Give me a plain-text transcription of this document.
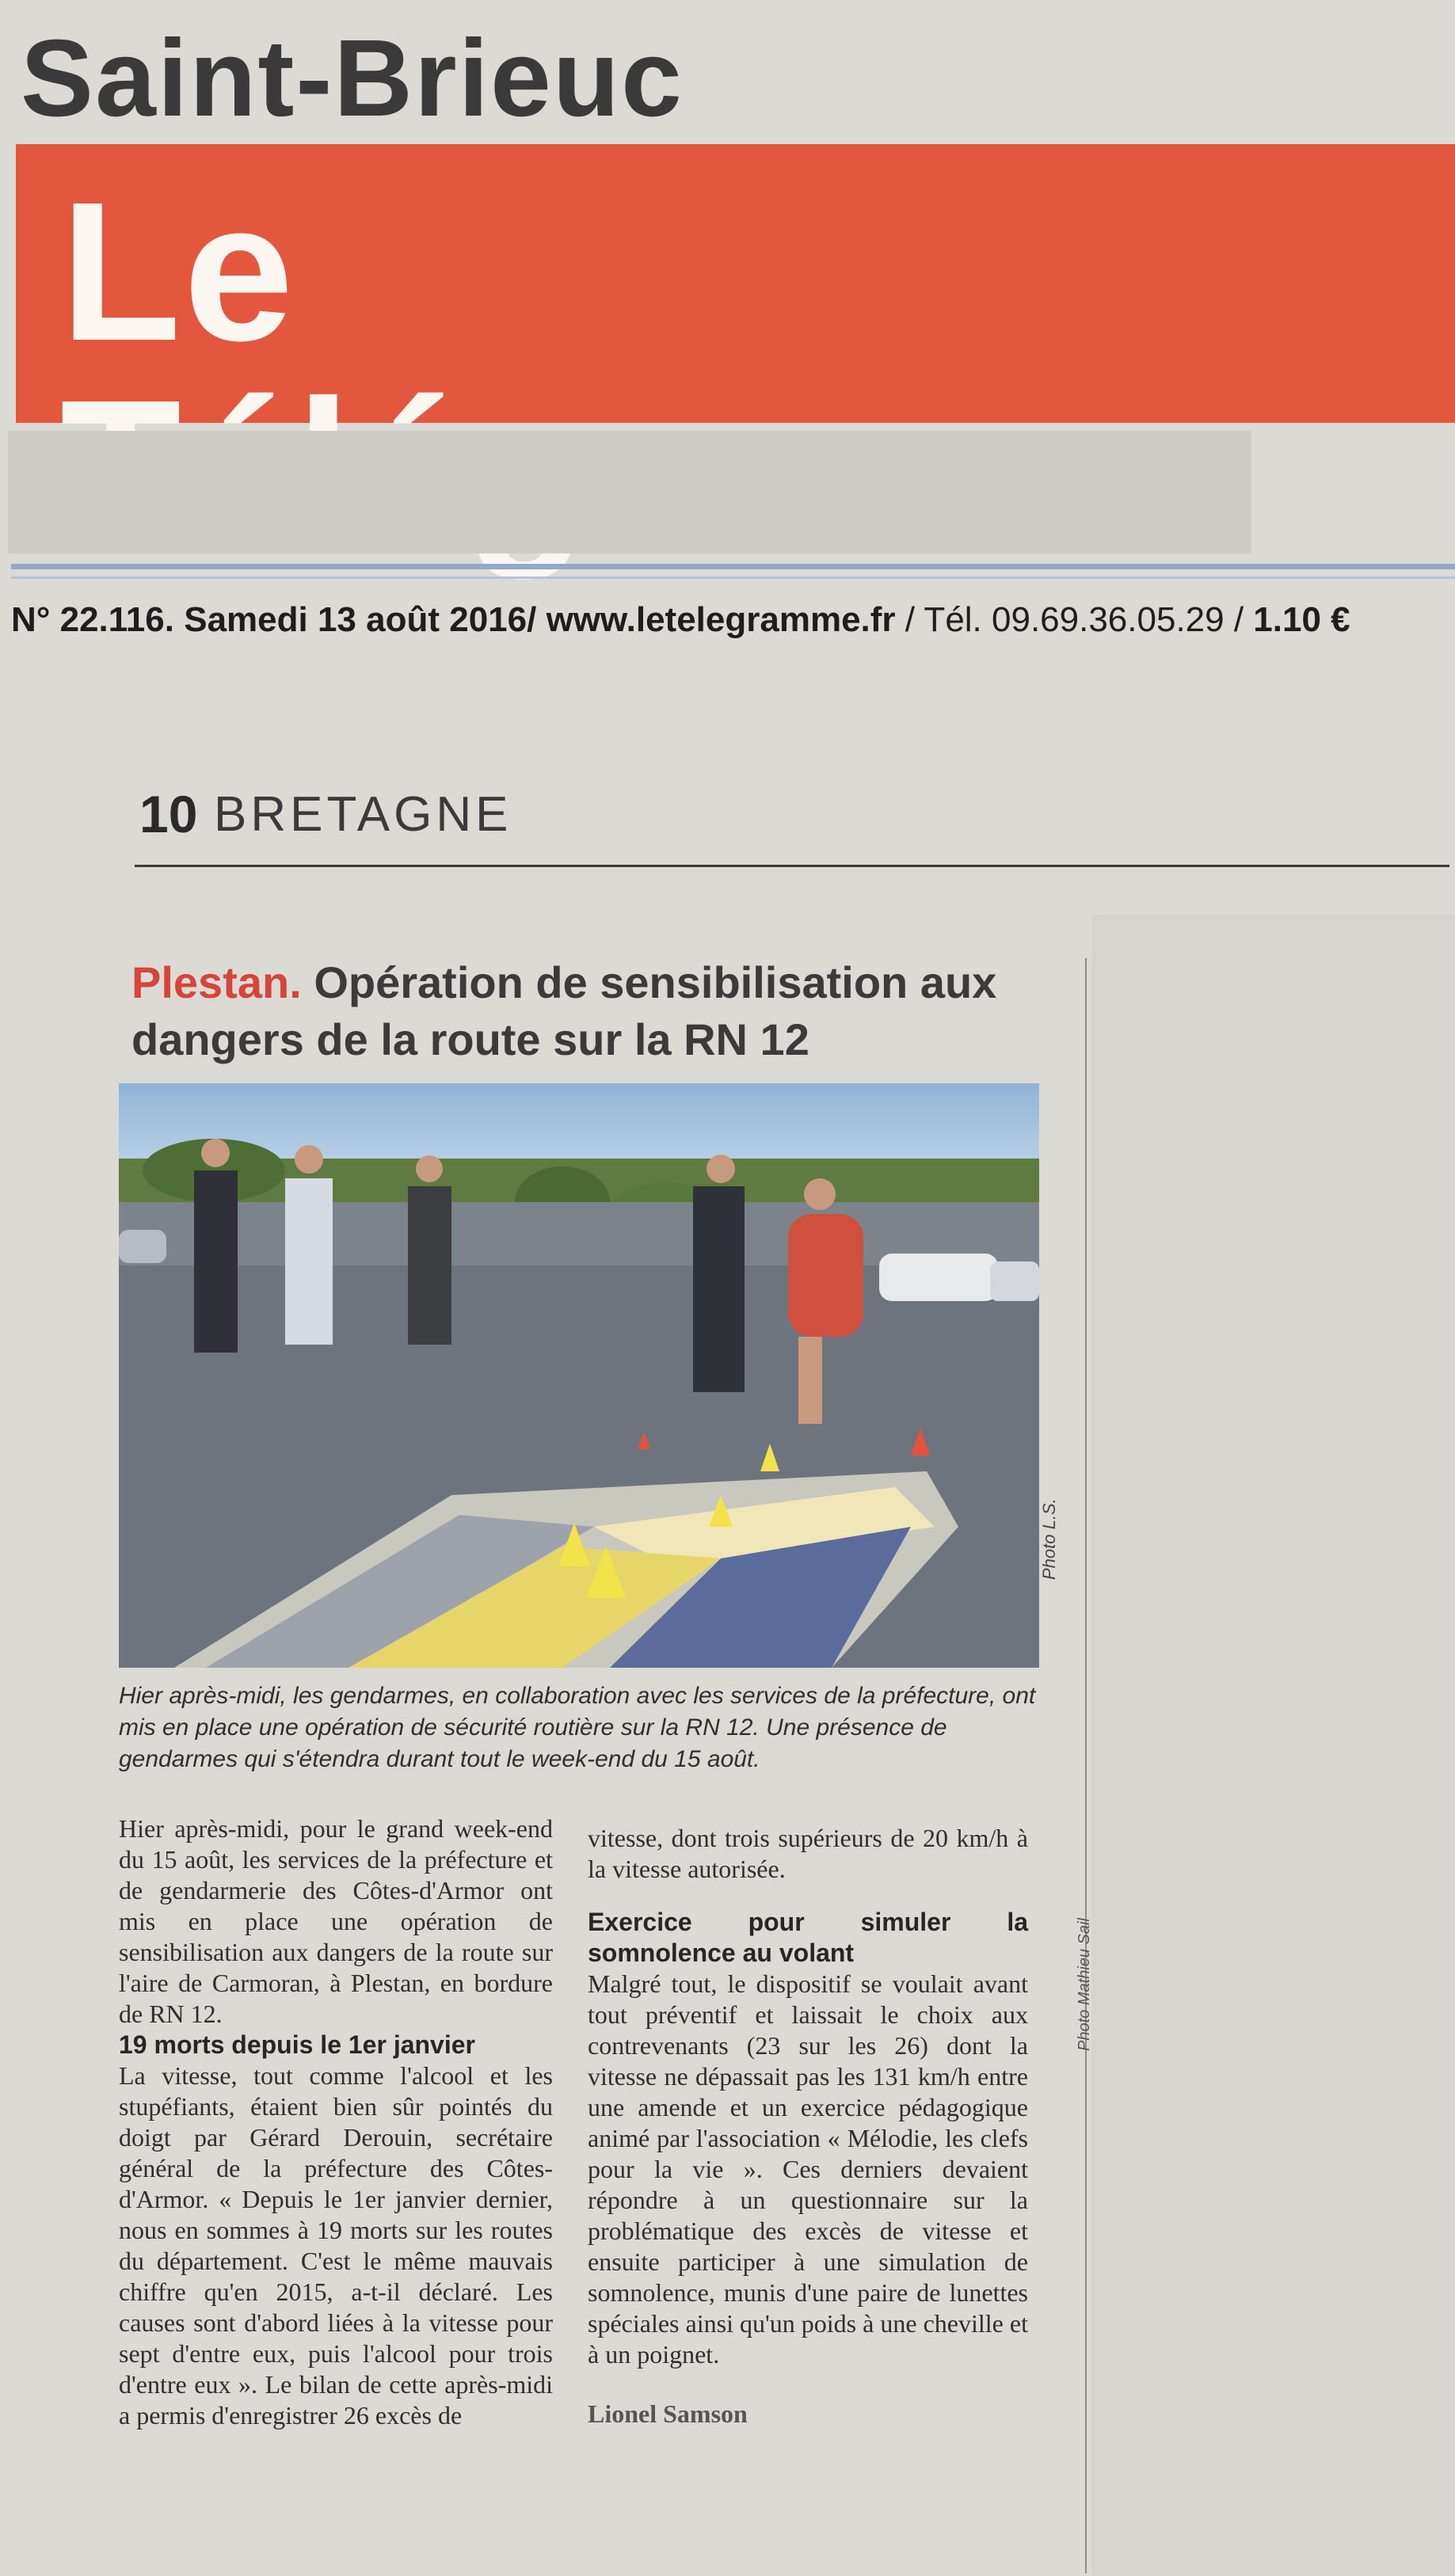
Saint-Brieuc
Le
N° 22.116. Samedi 13 août 2016/ www.letelegramme.fr / Tél. 09.69.36.05.29 / 1.10 €
10 BRETAGNE
Plestan. Opération de sensibilisation aux dangers de la route sur la RN 12
Photo L.S.
Hier après-midi, les gendarmes, en collaboration avec les services de la préfecture, ont mis en place une opération de sécurité routière sur la RN 12. Une présence de gendarmes qui s'étendra durant tout le week-end du 15 août.

Hier après-midi, pour le grand week-end du 15 août, les services de la préfecture et de gendarmerie des Côtes-d'Armor ont mis en place une opération de sensibilisation aux dangers de la route sur l'aire de Carmoran, à Plestan, en bordure de RN 12.

19 morts depuis le 1er janvier

La vitesse, tout comme l'alcool et les stupéfiants, étaient bien sûr pointés du doigt par Gérard Derouin, secrétaire général de la préfecture des Côtes-d'Armor. « Depuis le 1er janvier dernier, nous en sommes à 19 morts sur les routes du département. C'est le même mauvais chiffre qu'en 2015, a-t-il déclaré. Les causes sont d'abord liées à la vitesse pour sept d'entre eux, puis l'alcool pour trois d'entre eux ». Le bilan de cette après-midi a permis d'enregistrer 26 excès de

vitesse, dont trois supérieurs de 20 km/h à la vitesse autorisée.

Exercice pour simuler la somnolence au volant

Malgré tout, le dispositif se voulait avant tout préventif et laissait le choix aux contrevenants (23 sur les 26) dont la vitesse ne dépassait pas les 131 km/h entre une amende et un exercice pédagogique animé par l'association « Mélodie, les clefs pour la vie ». Ces derniers devaient répondre à un questionnaire sur la problématique des excès de vitesse et ensuite participer à une simulation de somnolence, munis d'une paire de lunettes spéciales ainsi qu'un poids à une cheville et à un poignet.

Lionel Samson
Photo Mathieu Sail
